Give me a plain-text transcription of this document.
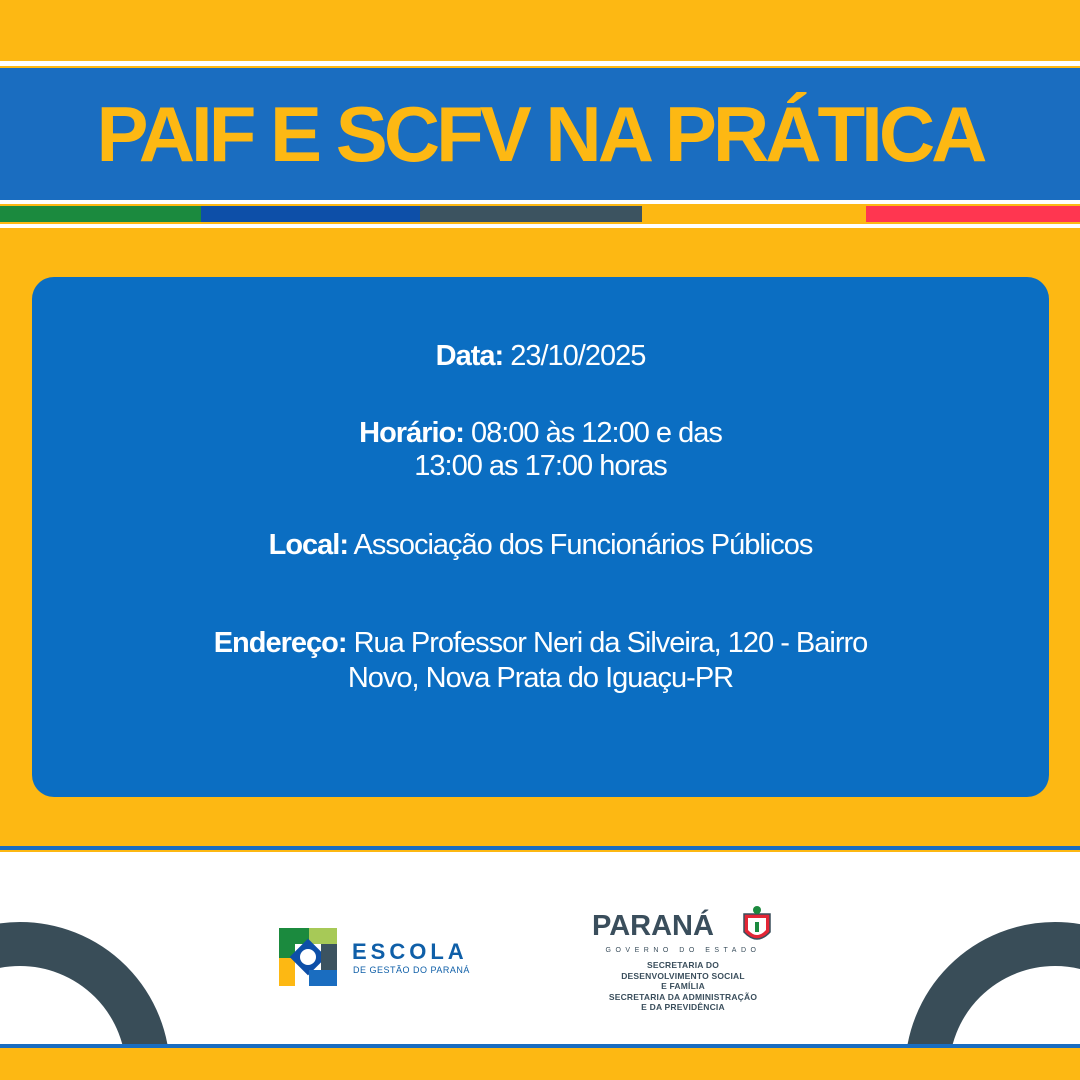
PAIF E SCFV NA PRÁTICA
Data: 23/10/2025
Horário: 08:00 às 12:00 e das
13:00 as 17:00 horas
Local: Associação dos Funcionários Públicos
Endereço: Rua Professor Neri da Silveira, 120 - Bairro
Novo, Nova Prata do Iguaçu-PR
ESCOLA
DE GESTÃO DO PARANÁ
PARANÁ
GOVERNO DO ESTADO
SECRETARIA DO
DESENVOLVIMENTO SOCIAL
E FAMÍLIA
SECRETARIA DA ADMINISTRAÇÃO
E DA PREVIDÊNCIA
